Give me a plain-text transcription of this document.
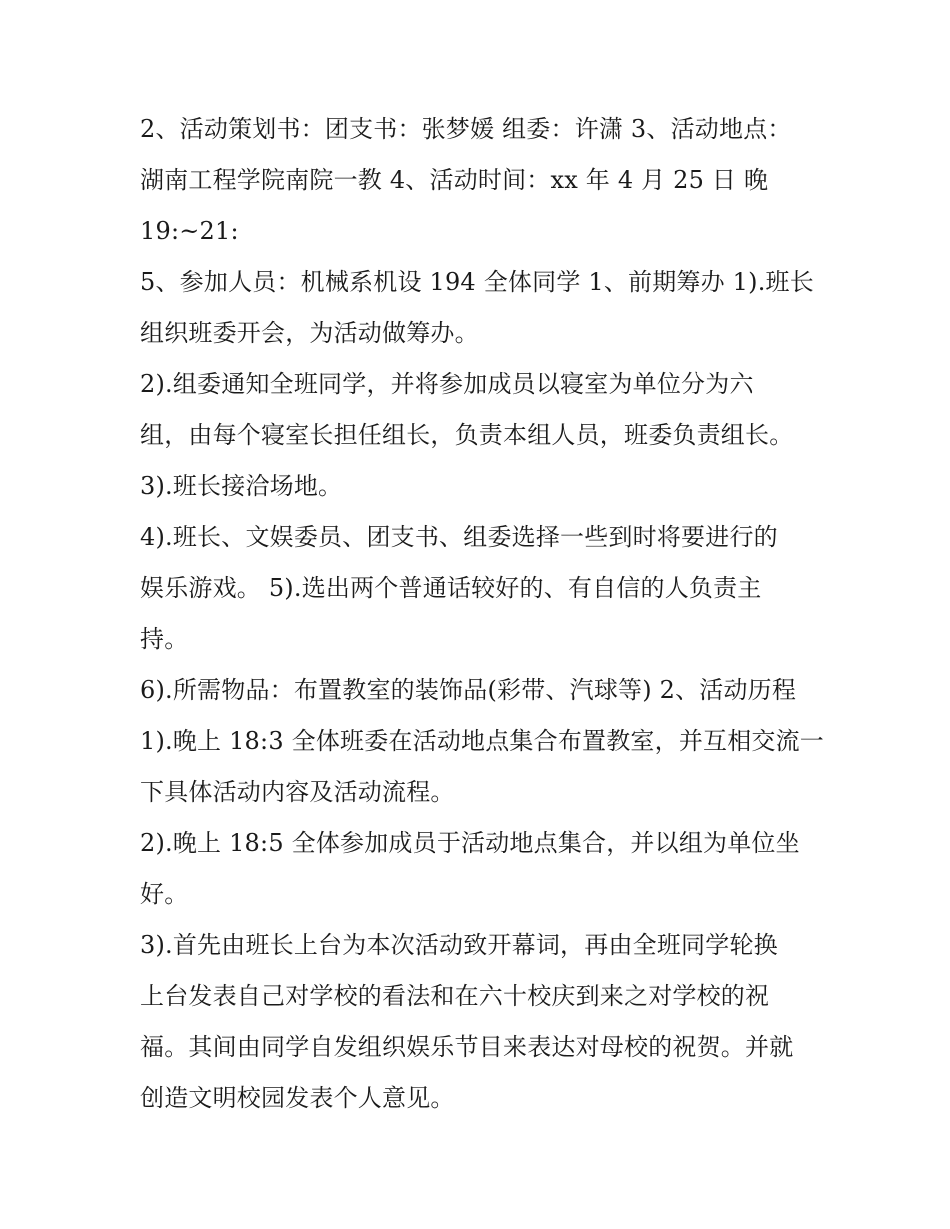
2、活动策划书：团支书：张梦媛 组委：许潇 3、活动地点：
湖南工程学院南院一教 4、活动时间：xx 年 4 月 25 日 晚
19:~21:
5、参加人员：机械系机设 194 全体同学 1、前期筹办 1).班长
组织班委开会，为活动做筹办。
2).组委通知全班同学，并将参加成员以寝室为单位分为六
组，由每个寝室长担任组长，负责本组人员，班委负责组长。
3).班长接洽场地。
4).班长、文娱委员、团支书、组委选择一些到时将要进行的
娱乐游戏。 5).选出两个普通话较好的、有自信的人负责主
持。
6).所需物品：布置教室的装饰品(彩带、汽球等) 2、活动历程
1).晚上 18:3 全体班委在活动地点集合布置教室，并互相交流一
下具体活动内容及活动流程。
2).晚上 18:5 全体参加成员于活动地点集合，并以组为单位坐
好。
3).首先由班长上台为本次活动致开幕词，再由全班同学轮换
上台发表自己对学校的看法和在六十校庆到来之对学校的祝
福。其间由同学自发组织娱乐节目来表达对母校的祝贺。并就
创造文明校园发表个人意见。
